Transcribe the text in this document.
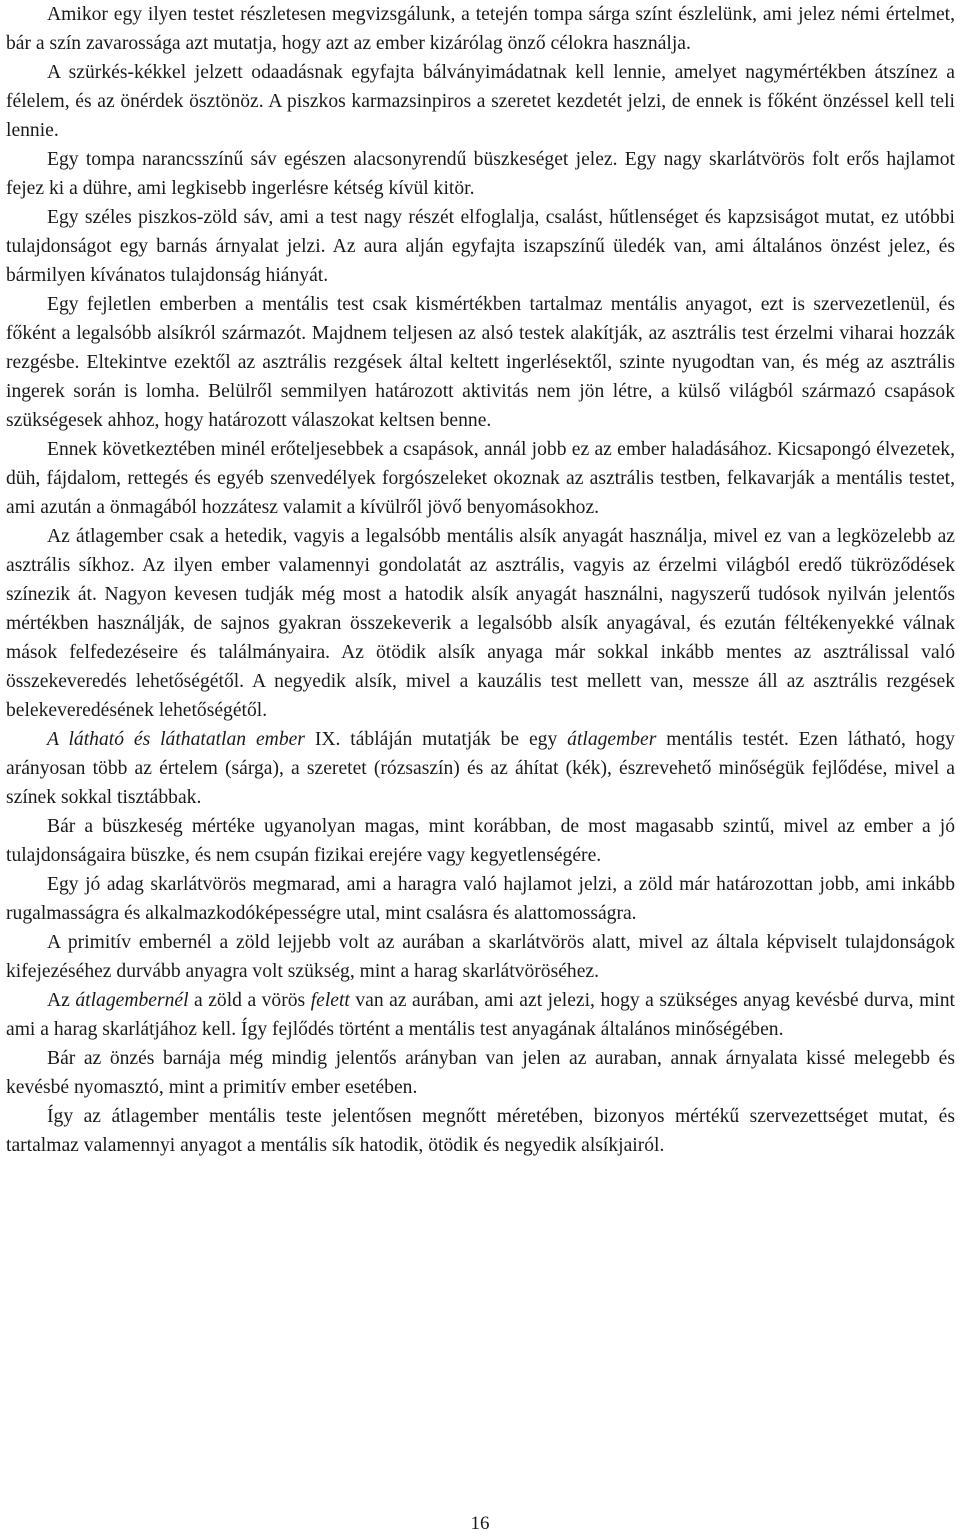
Amikor egy ilyen testet részletesen megvizsgálunk, a tetején tompa sárga színt észlelünk, ami jelez némi értelmet, bár a szín zavarossága azt mutatja, hogy azt az ember kizárólag önző célokra használja.

A szürkés-kékkel jelzett odaadásnak egyfajta bálványimádatnak kell lennie, amelyet nagymértékben átszínez a félelem, és az önérdek ösztönöz. A piszkos karmazsinpiros a szeretet kezdetét jelzi, de ennek is főként önzéssel kell teli lennie.

Egy tompa narancsszínű sáv egészen alacsonyrendű büszkeséget jelez. Egy nagy skarlátvörös folt erős hajlamot fejez ki a dühre, ami legkisebb ingerlésre kétség kívül kitör.

Egy széles piszkos-zöld sáv, ami a test nagy részét elfoglalja, csalást, hűtlenséget és kapzsiságot mutat, ez utóbbi tulajdonságot egy barnás árnyalat jelzi. Az aura alján egyfajta iszapszínű üledék van, ami általános önzést jelez, és bármilyen kívánatos tulajdonság hiányát.

Egy fejletlen emberben a mentális test csak kismértékben tartalmaz mentális anyagot, ezt is szervezetlenül, és főként a legalsóbb alsíkról származót. Majdnem teljesen az alsó testek alakítják, az asztrális test érzelmi viharai hozzák rezgésbe. Eltekintve ezektől az asztrális rezgések által keltett ingerlésektől, szinte nyugodtan van, és még az asztrális ingerek során is lomha. Belülről semmilyen határozott aktivitás nem jön létre, a külső világból származó csapások szükségesek ahhoz, hogy határozott válaszokat keltsen benne.

Ennek következtében minél erőteljesebbek a csapások, annál jobb ez az ember haladásához. Kicsapongó élvezetek, düh, fájdalom, rettegés és egyéb szenvedélyek forgószeleket okoznak az asztrális testben, felkavarják a mentális testet, ami azután a önmagából hozzátesz valamit a kívülről jövő benyomásokhoz.

Az átlagember csak a hetedik, vagyis a legalsóbb mentális alsík anyagát használja, mivel ez van a legközelebb az asztrális síkhoz. Az ilyen ember valamennyi gondolatát az asztrális, vagyis az érzelmi világból eredő tükröződések színezik át. Nagyon kevesen tudják még most a hatodik alsík anyagát használni, nagyszerű tudósok nyilván jelentős mértékben használják, de sajnos gyakran összekeverik a legalsóbb alsík anyagával, és ezután féltékenyekké válnak mások felfedezéseire és találmányaira. Az ötödik alsík anyaga már sokkal inkább mentes az asztrálissal való összekeveredés lehetőségétől. A negyedik alsík, mivel a kauzális test mellett van, messze áll az asztrális rezgések belekeveredésének lehetőségétől.

A látható és láthatatlan ember IX. tábláján mutatják be egy átlagember mentális testét. Ezen látható, hogy arányosan több az értelem (sárga), a szeretet (rózsaszín) és az áhítat (kék), észrevehető minőségük fejlődése, mivel a színek sokkal tisztábbak.

Bár a büszkeség mértéke ugyanolyan magas, mint korábban, de most magasabb szintű, mivel az ember a jó tulajdonságaira büszke, és nem csupán fizikai erejére vagy kegyetlenségére.

Egy jó adag skarlátvörös megmarad, ami a haragra való hajlamot jelzi, a zöld már határozottan jobb, ami inkább rugalmasságra és alkalmazkodóképességre utal, mint csalásra és alattomosságra.

A primitív embernél a zöld lejjebb volt az aurában a skarlátvörös alatt, mivel az általa képviselt tulajdonságok kifejezéséhez durvább anyagra volt szükség, mint a harag skarlátvöröséhez.

Az átlagembernél a zöld a vörös felett van az aurában, ami azt jelezi, hogy a szükséges anyag kevésbé durva, mint ami a harag skarlátjához kell. Így fejlődés történt a mentális test anyagának általános minőségében.

Bár az önzés barnája még mindig jelentős arányban van jelen az auraban, annak árnyalata kissé melegebb és kevésbé nyomasztó, mint a primitív ember esetében.

Így az átlagember mentális teste jelentősen megnőtt méretében, bizonyos mértékű szervezettséget mutat, és tartalmaz valamennyi anyagot a mentális sík hatodik, ötödik és negyedik alsíkjairól.

16
